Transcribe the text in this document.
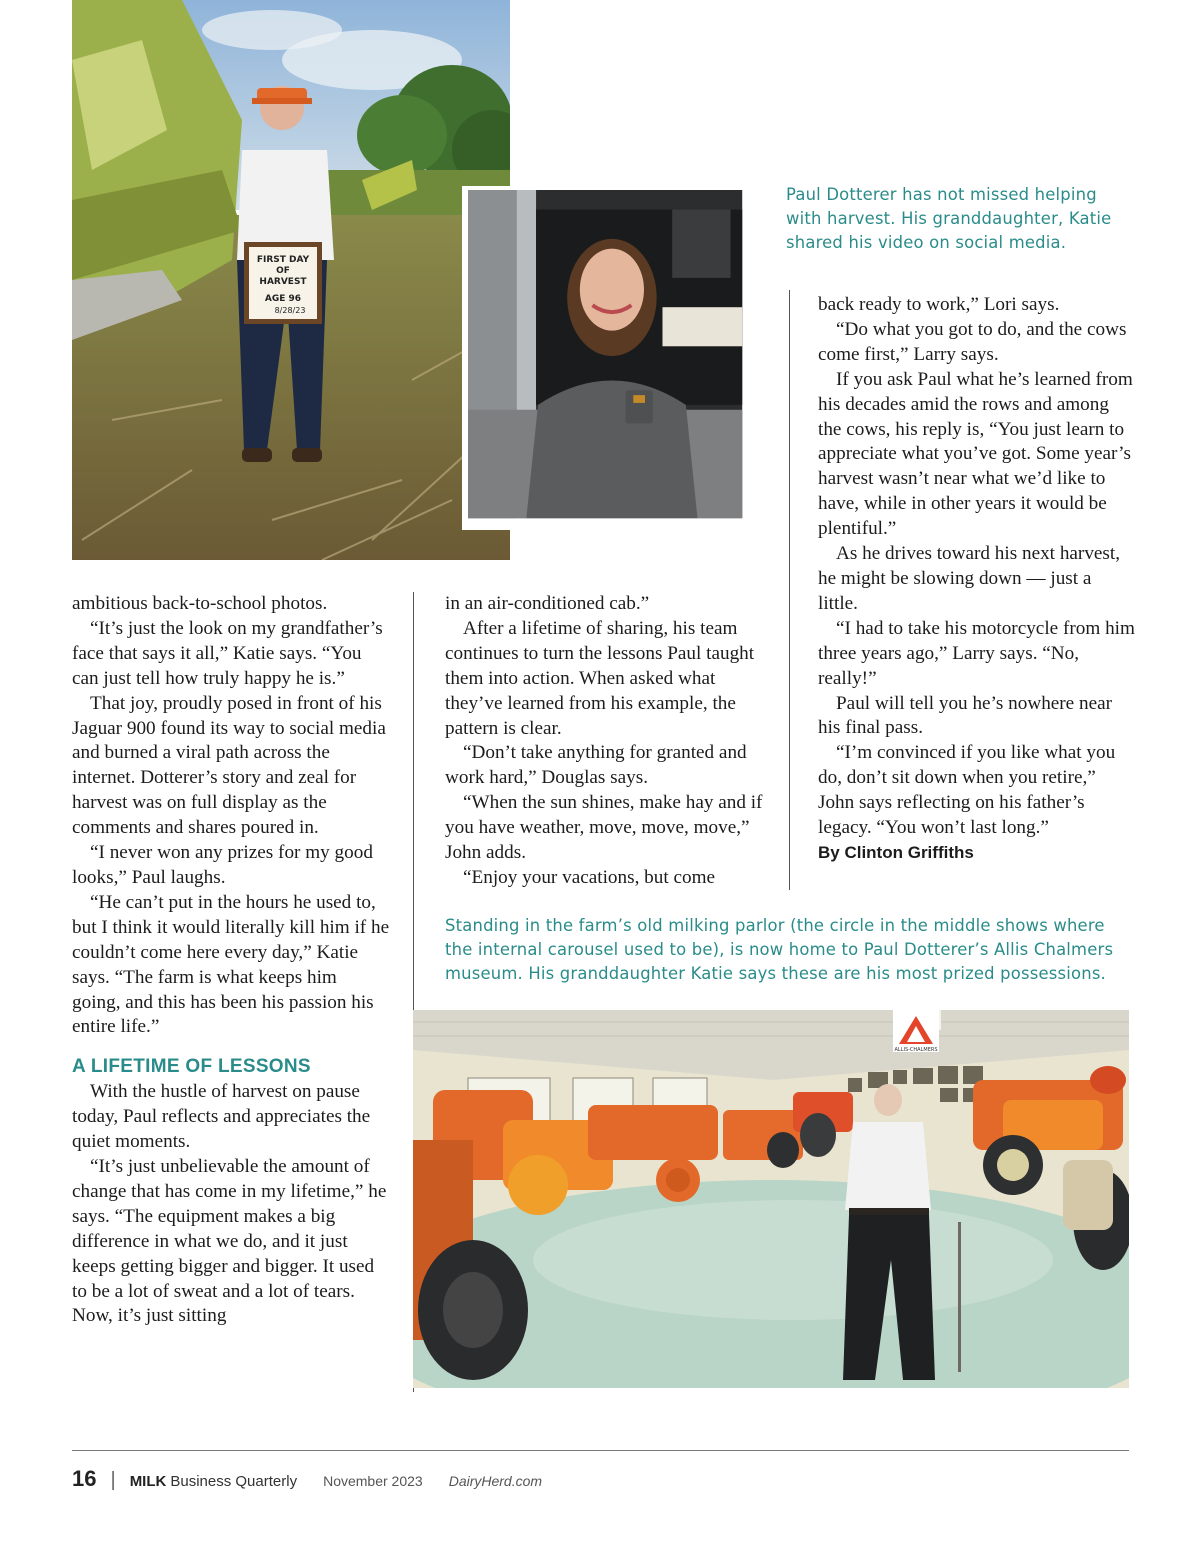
FIRST DAY
OF
HARVEST
AGE 96
8/28/23
Paul Dotterer has not missed helping with harvest. His granddaughter, Katie shared his video on social media.

ambitious back-to-school photos.

“It’s just the look on my grandfather’s face that says it all,” Katie says. “You can just tell how truly happy he is.”

That joy, proudly posed in front of his Jaguar 900 found its way to social media and burned a viral path across the internet. Dotterer’s story and zeal for harvest was on full display as the comments and shares poured in.

“I never won any prizes for my good looks,” Paul laughs.

“He can’t put in the hours he used to, but I think it would literally kill him if he couldn’t come here every day,” Katie says. “The farm is what keeps him going, and this has been his passion his entire life.”

A LIFETIME OF LESSONS

With the hustle of harvest on pause today, Paul reflects and appreciates the quiet moments.

“It’s just unbelievable the amount of change that has come in my lifetime,” he says. “The equipment makes a big difference in what we do, and it just keeps getting bigger and bigger. It used to be a lot of sweat and a lot of tears. Now, it’s just sitting

in an air-conditioned cab.”

After a lifetime of sharing, his team continues to turn the lessons Paul taught them into action. When asked what they’ve learned from his example, the pattern is clear.

“Don’t take anything for granted and work hard,” Douglas says.

“When the sun shines, make hay and if you have weather, move, move, move,” John adds.

“Enjoy your vacations, but come

back ready to work,” Lori says.

“Do what you got to do, and the cows come first,” Larry says.

If you ask Paul what he’s learned from his decades amid the rows and among the cows, his reply is, “You just learn to appreciate what you’ve got. Some year’s harvest wasn’t near what we’d like to have, while in other years it would be plentiful.”

As he drives toward his next harvest, he might be slowing down — just a little.

“I had to take his motorcycle from him three years ago,” Larry says. “No, really!”

Paul will tell you he’s nowhere near his final pass.

“I’m convinced if you like what you do, don’t sit down when you retire,” John says reflecting on his father’s legacy. “You won’t last long.”

By Clinton Griffiths

Standing in the farm’s old milking parlor (the circle in the middle shows where the internal carousel used to be), is now home to Paul Dotterer’s Allis Chalmers museum. His granddaughter Katie says these are his most prized possessions.
ALLIS-CHALMERS
16 | MILK Business Quarterly November 2023 DairyHerd.com
